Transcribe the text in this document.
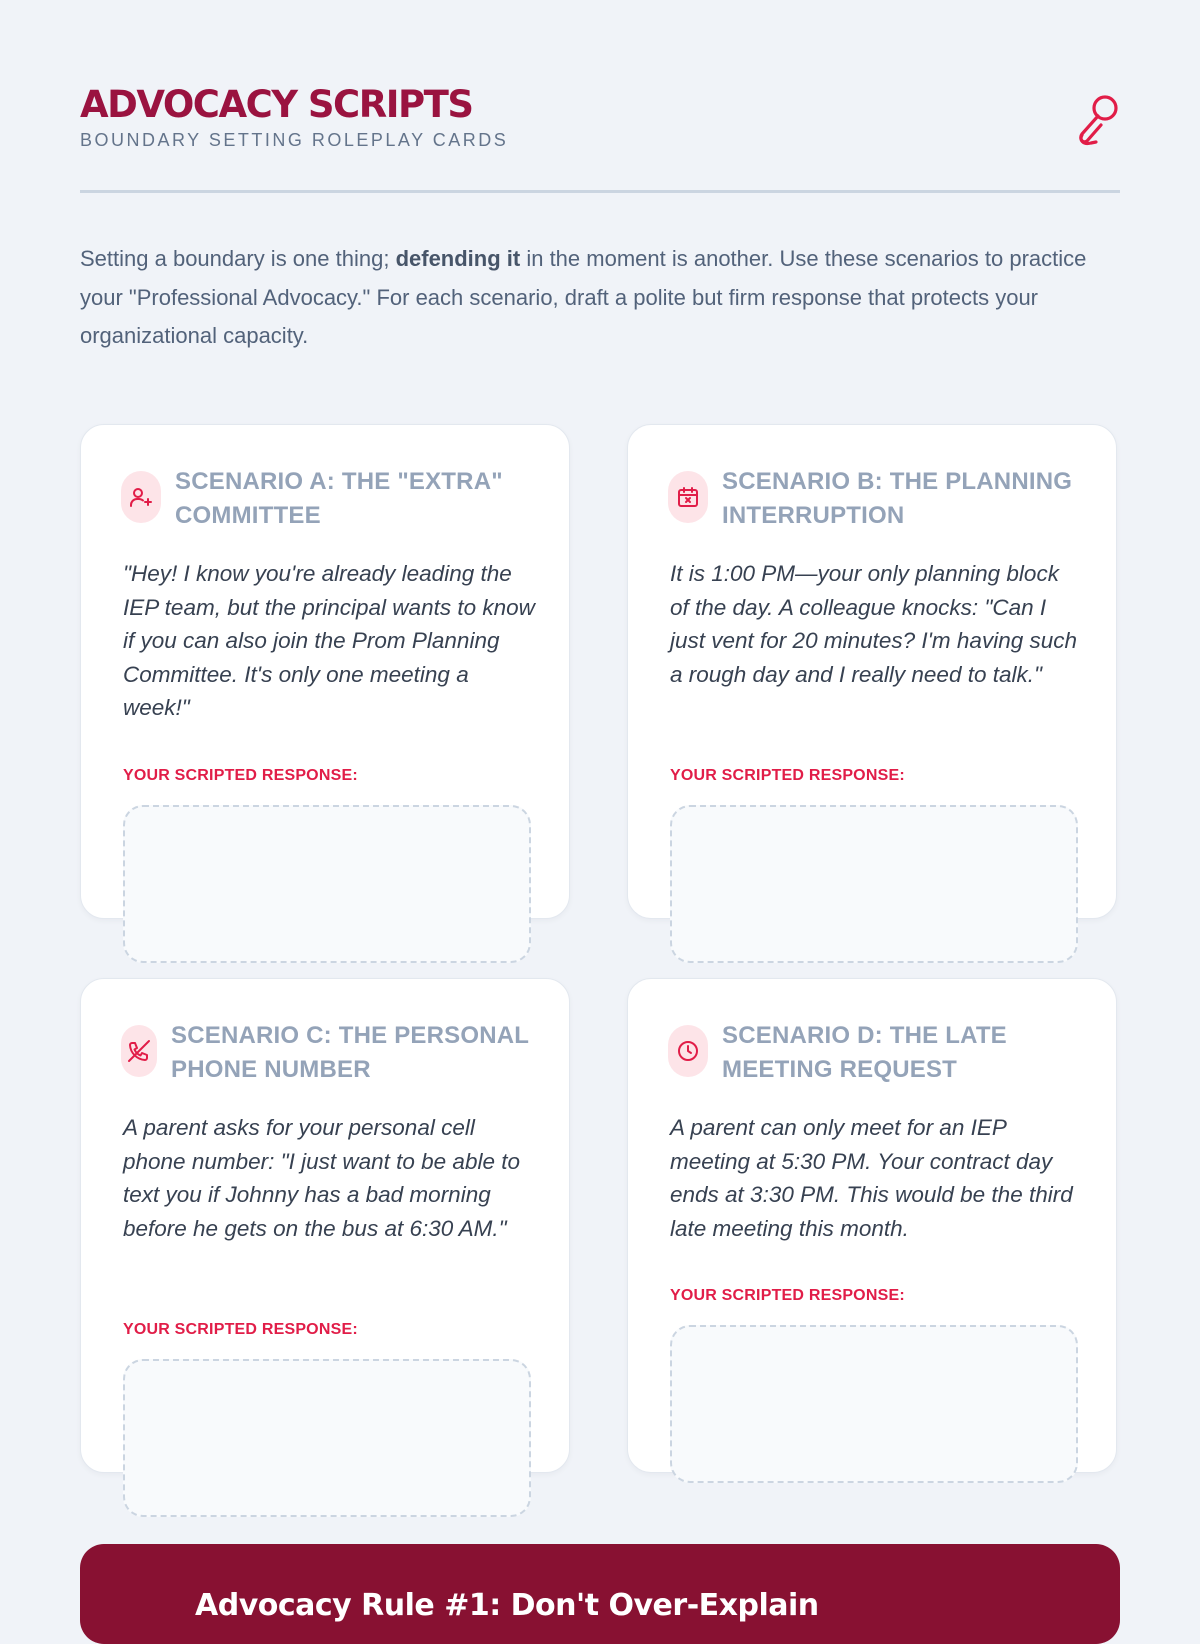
ADVOCACY SCRIPTS
BOUNDARY SETTING ROLEPLAY CARDS

Setting a boundary is one thing; defending it in the moment is another. Use these scenarios to practice your "Professional Advocacy." For each scenario, draft a polite but firm response that protects your organizational capacity.

SCENARIO A: THE "EXTRA" COMMITTEE

"Hey! I know you're already leading the IEP team, but the principal wants to know if you can also join the Prom Planning Committee. It's only one meeting a week!"

YOUR SCRIPTED RESPONSE:
SCENARIO B: THE PLANNING INTERRUPTION

It is 1:00 PM—your only planning block of the day. A colleague knocks: "Can I just vent for 20 minutes? I'm having such a rough day and I really need to talk."

YOUR SCRIPTED RESPONSE:
SCENARIO C: THE PERSONAL PHONE NUMBER

A parent asks for your personal cell phone number: "I just want to be able to text you if Johnny has a bad morning before he gets on the bus at 6:30 AM."

YOUR SCRIPTED RESPONSE:
SCENARIO D: THE LATE MEETING REQUEST

A parent can only meet for an IEP meeting at 5:30 PM. Your contract day ends at 3:30 PM. This would be the third late meeting this month.

YOUR SCRIPTED RESPONSE:
Advocacy Rule #1: Don't Over-Explain
